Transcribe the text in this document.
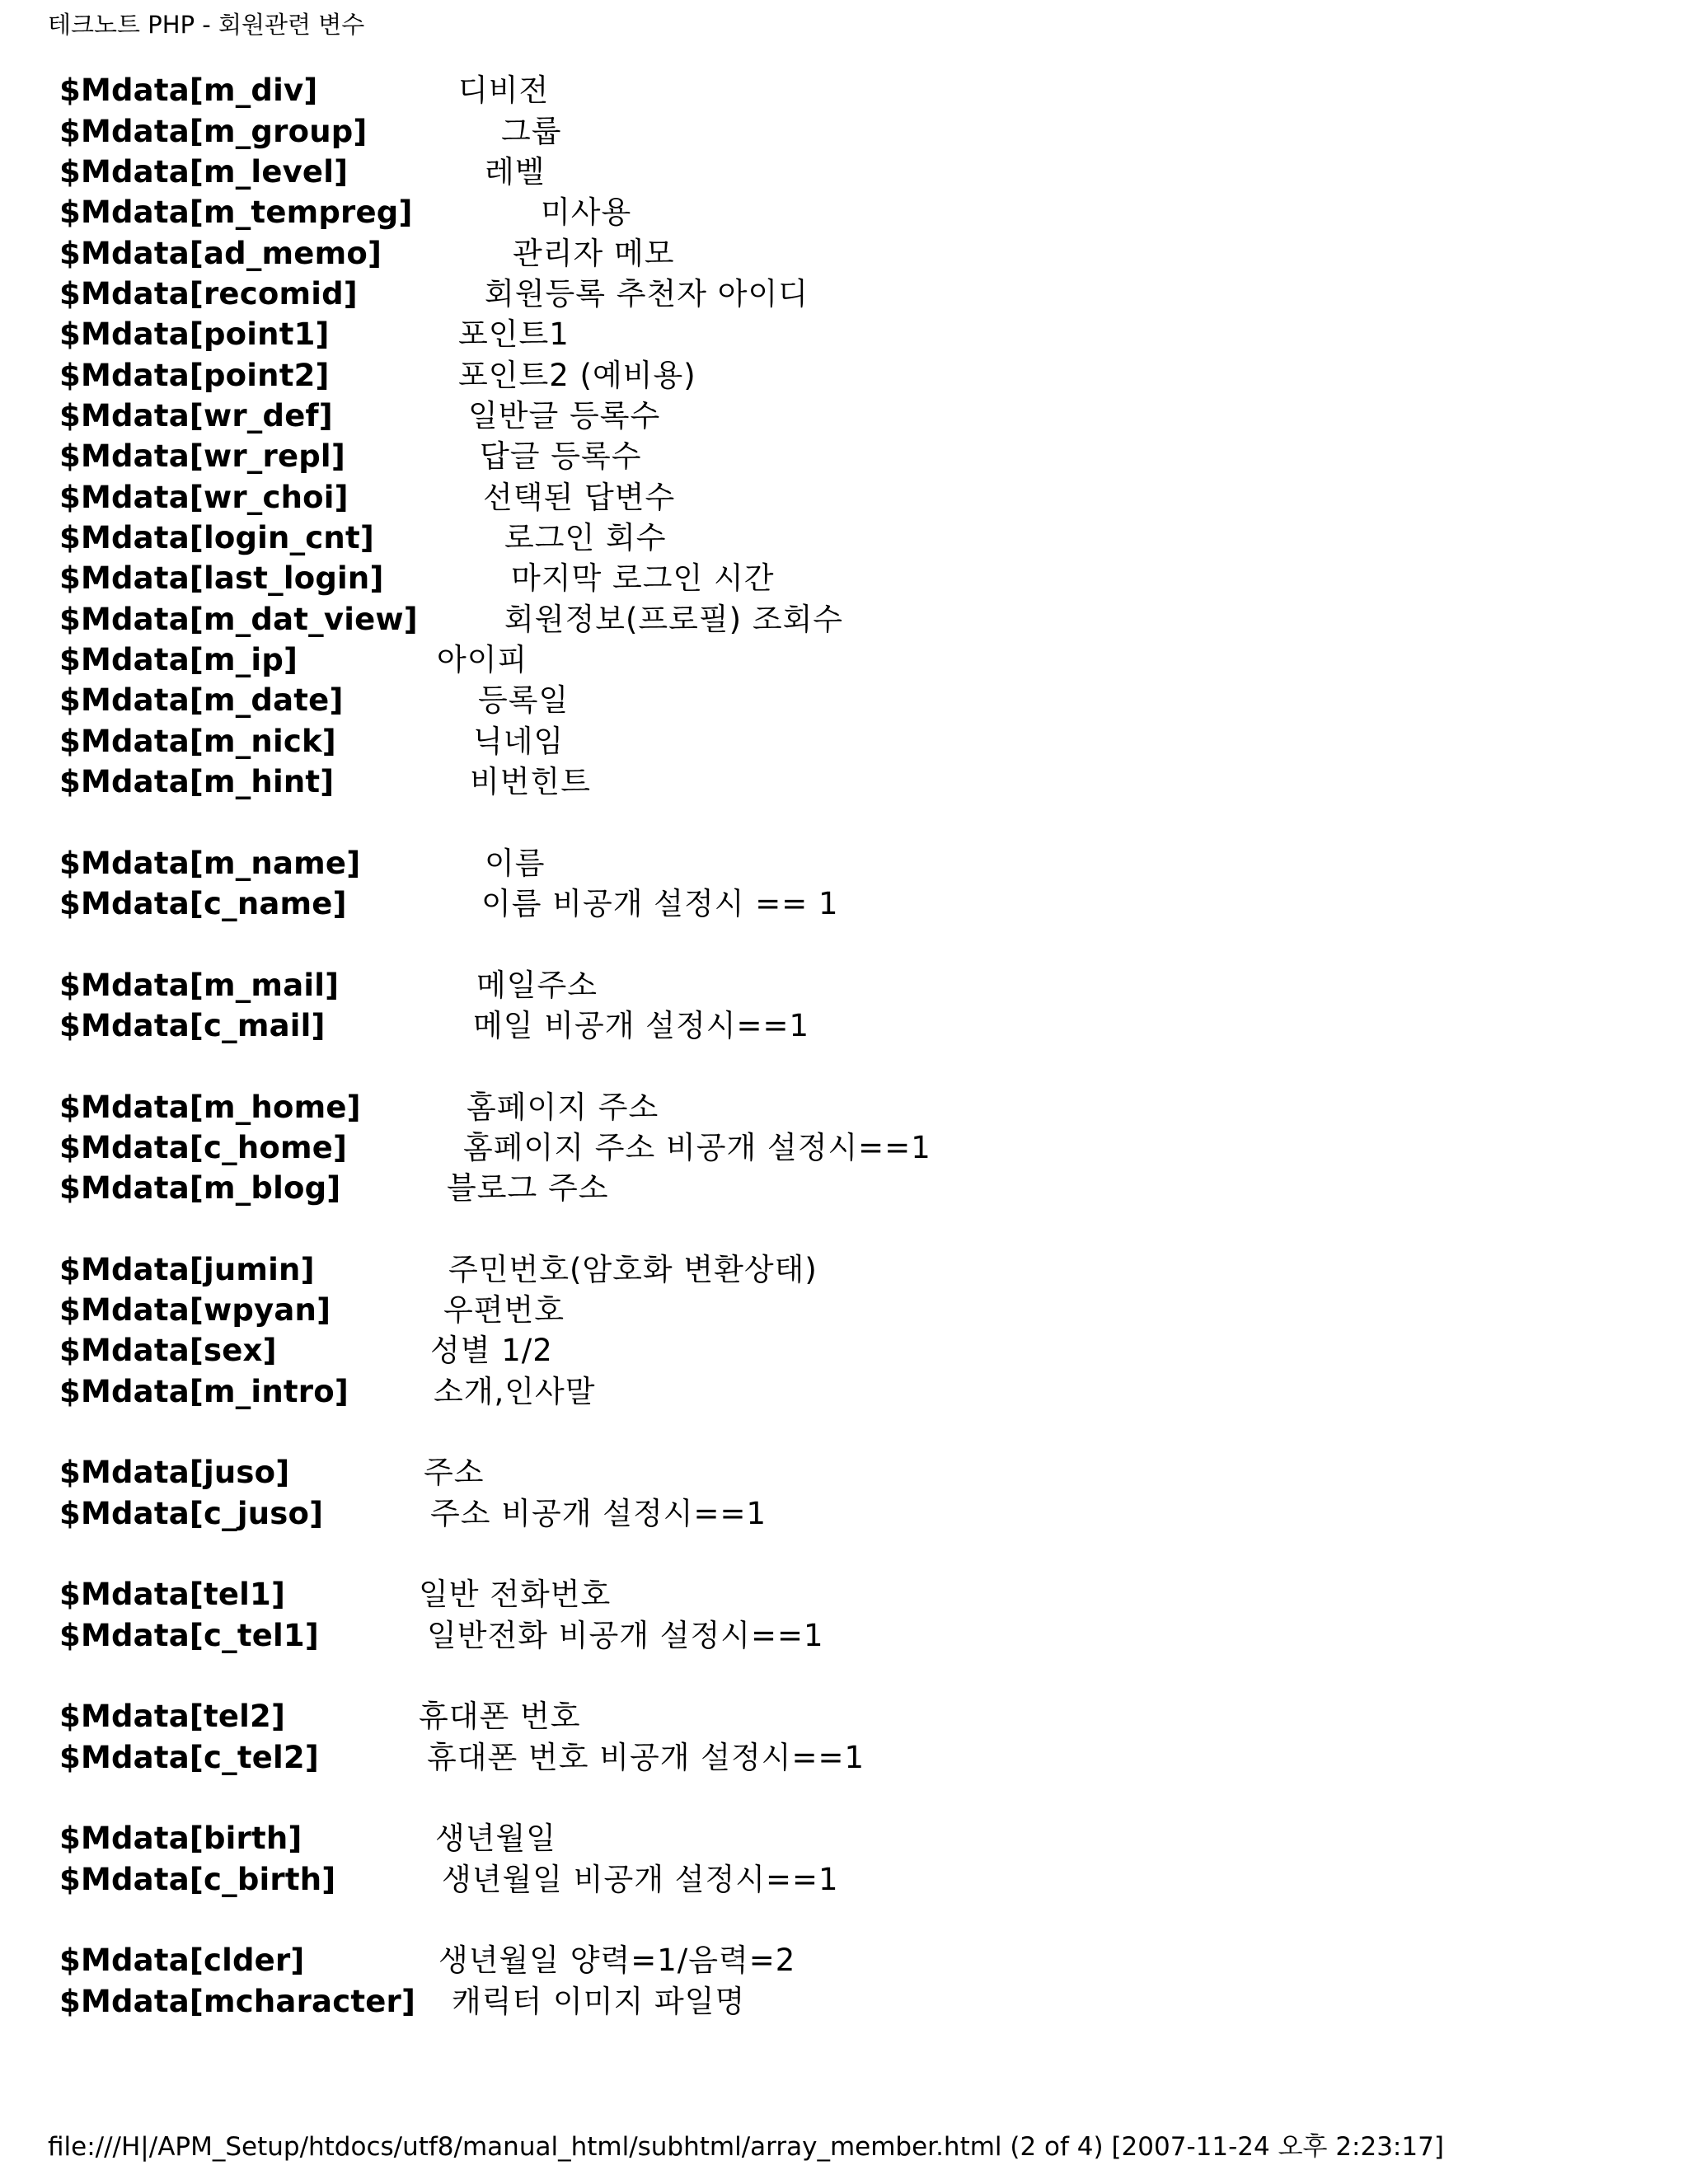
테크노트 PHP - 회원관련 변수
$Mdata[m_div]	디비전
$Mdata[m_group]	그룹
$Mdata[m_level]	레벨
$Mdata[m_tempreg]	미사용
$Mdata[ad_memo]	관리자 메모
$Mdata[recomid]	회원등록 추천자 아이디
$Mdata[point1]	포인트1
$Mdata[point2]	포인트2 (예비용)
$Mdata[wr_def]	일반글 등록수
$Mdata[wr_repl]	답글 등록수
$Mdata[wr_choi]	선택된 답변수
$Mdata[login_cnt]	로그인 회수
$Mdata[last_login]	마지막 로그인 시간
$Mdata[m_dat_view]	회원정보(프로필) 조회수
$Mdata[m_ip]	아이피
$Mdata[m_date]	등록일
$Mdata[m_nick]	닉네임
$Mdata[m_hint]	비번힌트
$Mdata[m_name]	이름
$Mdata[c_name]	이름 비공개 설정시 == 1
$Mdata[m_mail]	메일주소
$Mdata[c_mail]	메일 비공개 설정시==1
$Mdata[m_home]	홈페이지 주소
$Mdata[c_home]	홈페이지 주소 비공개 설정시==1
$Mdata[m_blog]	블로그 주소
$Mdata[jumin]	주민번호(암호화 변환상태)
$Mdata[wpyan]	우편번호
$Mdata[sex]	성별 1/2
$Mdata[m_intro]	소개,인사말
$Mdata[juso]	주소
$Mdata[c_juso]	주소 비공개 설정시==1
$Mdata[tel1]	일반 전화번호
$Mdata[c_tel1]	일반전화 비공개 설정시==1
$Mdata[tel2]	휴대폰 번호
$Mdata[c_tel2]	휴대폰 번호 비공개 설정시==1
$Mdata[birth]	생년월일
$Mdata[c_birth]	생년월일 비공개 설정시==1
$Mdata[clder]	생년월일 양력=1/음력=2
$Mdata[mcharacter] 캐릭터 이미지 파일명
file:///H|/APM_Setup/htdocs/utf8/manual_html/subhtml/array_member.html (2 of 4) [2007-11-24 오후 2:23:17]
